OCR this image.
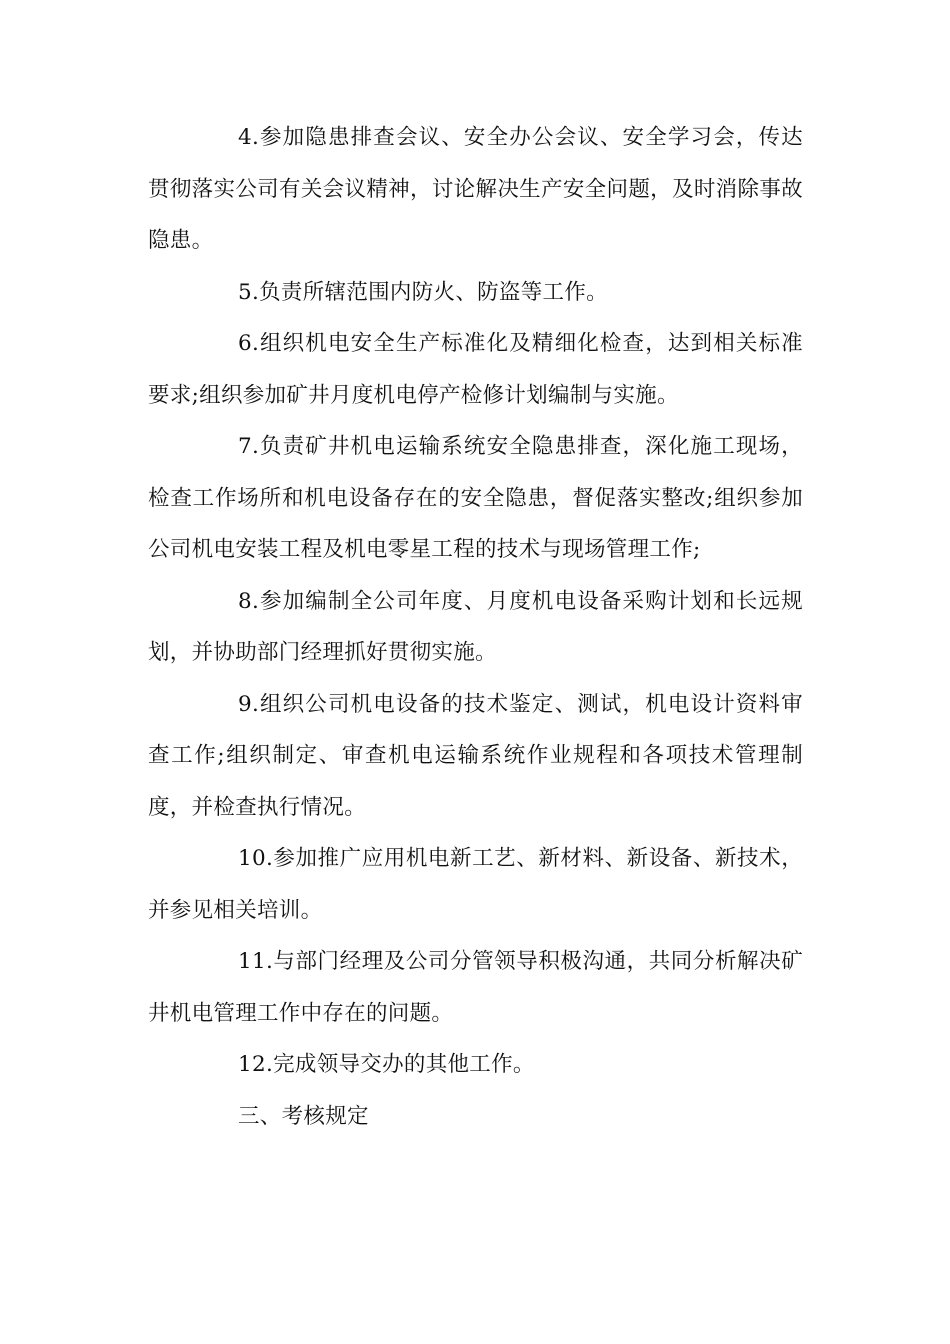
4.参加隐患排查会议、安全办公会议、安全学习会，传达贯彻落实公司有关会议精神，讨论解决生产安全问题，及时消除事故隐患。

5.负责所辖范围内防火、防盗等工作。

6.组织机电安全生产标准化及精细化检查，达到相关标准要求;组织参加矿井月度机电停产检修计划编制与实施。

7.负责矿井机电运输系统安全隐患排查，深化施工现场，检查工作场所和机电设备存在的安全隐患，督促落实整改;组织参加公司机电安装工程及机电零星工程的技术与现场管理工作;

8.参加编制全公司年度、月度机电设备采购计划和长远规划，并协助部门经理抓好贯彻实施。

9.组织公司机电设备的技术鉴定、测试，机电设计资料审查工作;组织制定、审查机电运输系统作业规程和各项技术管理制度，并检查执行情况。

10.参加推广应用机电新工艺、新材料、新设备、新技术，并参见相关培训。

11.与部门经理及公司分管领导积极沟通，共同分析解决矿井机电管理工作中存在的问题。

12.完成领导交办的其他工作。

三、考核规定
